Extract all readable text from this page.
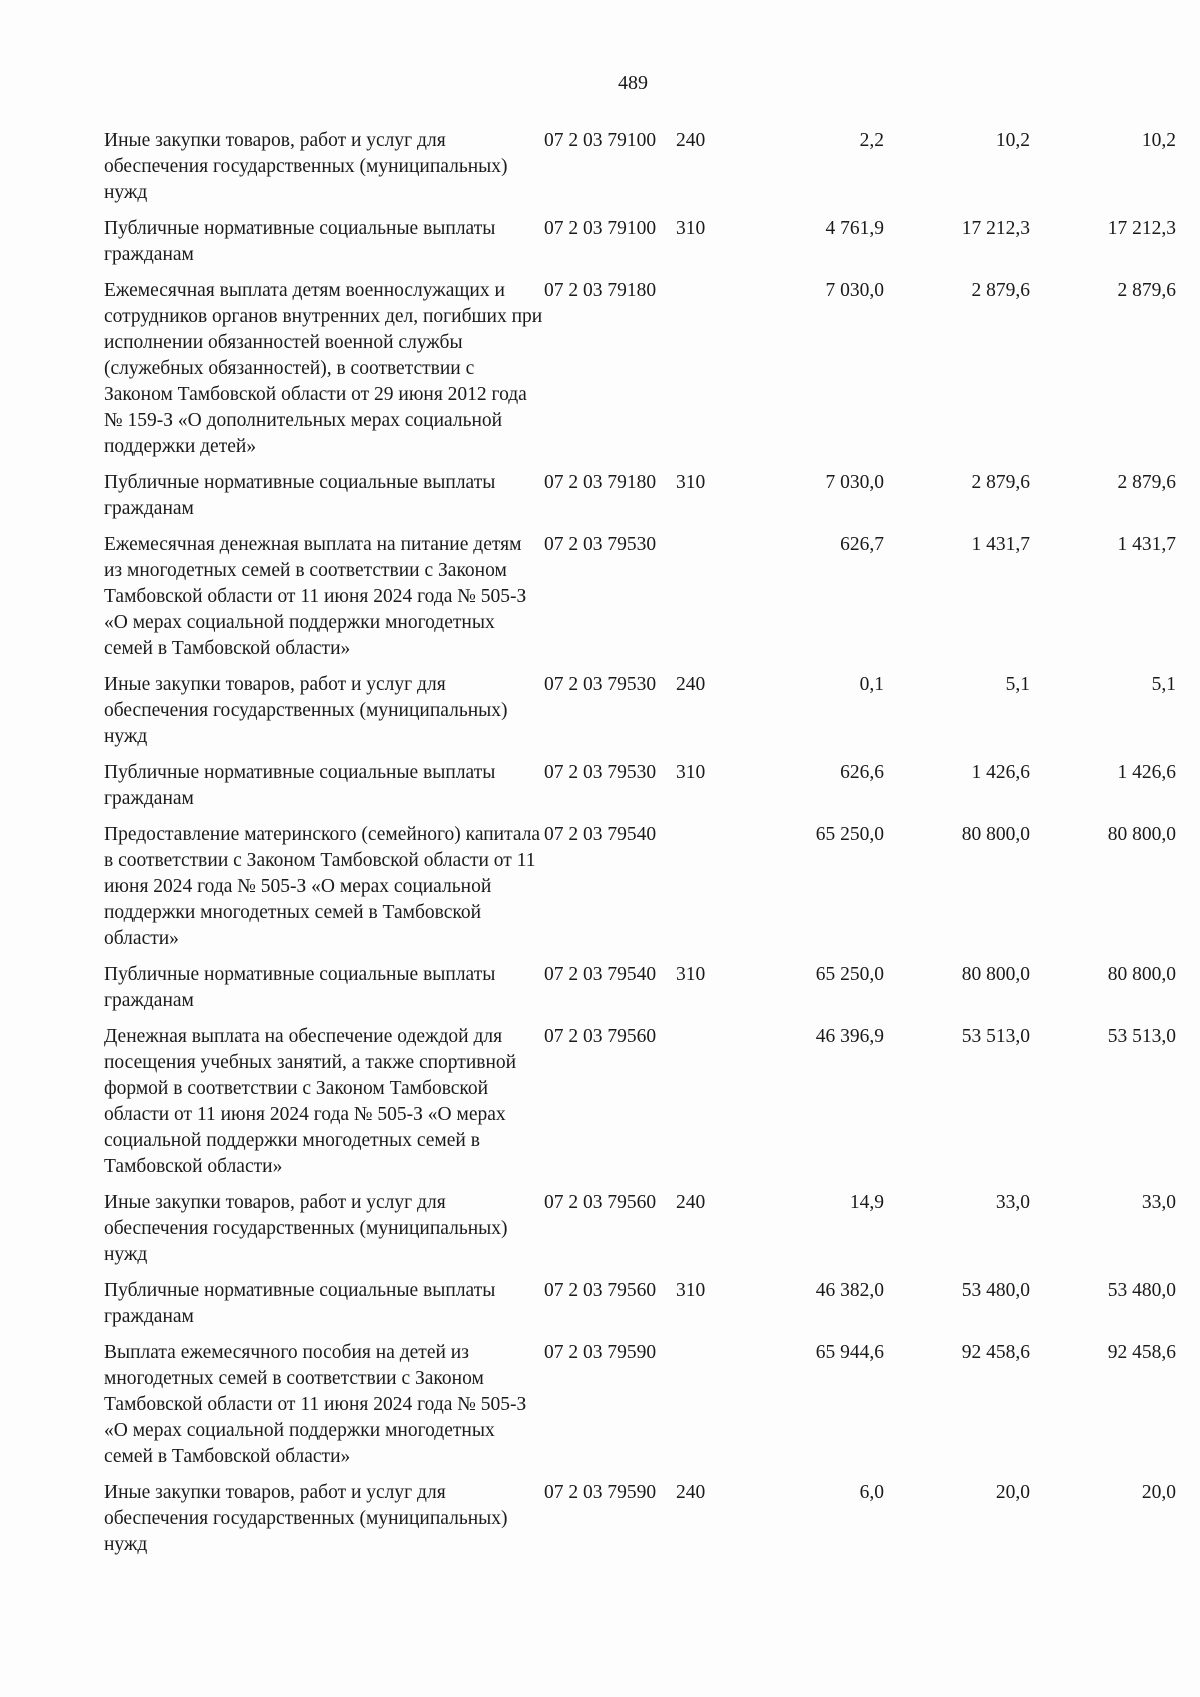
489
Иные закупки товаров, работ и услуг для обеспечения государственных (муниципальных) нужд	07 2 03 79100	240	2,2	10,2	10,2
Публичные нормативные социальные выплаты гражданам	07 2 03 79100	310	4 761,9	17 212,3	17 212,3
Ежемесячная выплата детям военнослужащих и сотрудников органов внутренних дел, погибших при исполнении обязанностей военной службы (служебных обязанностей), в соответствии с Законом Тамбовской области от 29 июня 2012 года № 159-З «О дополнительных мерах социальной поддержки детей»	07 2 03 79180		7 030,0	2 879,6	2 879,6
Публичные нормативные социальные выплаты гражданам	07 2 03 79180	310	7 030,0	2 879,6	2 879,6
Ежемесячная денежная выплата на питание детям из многодетных семей в соответствии с Законом Тамбовской области от 11 июня 2024 года № 505-З «О мерах социальной поддержки многодетных семей в Тамбовской области»	07 2 03 79530		626,7	1 431,7	1 431,7
Иные закупки товаров, работ и услуг для обеспечения государственных (муниципальных) нужд	07 2 03 79530	240	0,1	5,1	5,1
Публичные нормативные социальные выплаты гражданам	07 2 03 79530	310	626,6	1 426,6	1 426,6
Предоставление материнского (семейного) капитала в соответствии с Законом Тамбовской области от 11 июня 2024 года № 505-З «О мерах социальной поддержки многодетных семей в Тамбовской области»	07 2 03 79540		65 250,0	80 800,0	80 800,0
Публичные нормативные социальные выплаты гражданам	07 2 03 79540	310	65 250,0	80 800,0	80 800,0
Денежная выплата на обеспечение одеждой для посещения учебных занятий, а также спортивной формой в соответствии с Законом Тамбовской области от 11 июня 2024 года № 505-З «О мерах социальной поддержки многодетных семей в Тамбовской области»	07 2 03 79560		46 396,9	53 513,0	53 513,0
Иные закупки товаров, работ и услуг для обеспечения государственных (муниципальных) нужд	07 2 03 79560	240	14,9	33,0	33,0
Публичные нормативные социальные выплаты гражданам	07 2 03 79560	310	46 382,0	53 480,0	53 480,0
Выплата ежемесячного пособия на детей из многодетных семей в соответствии с Законом Тамбовской области от 11 июня 2024 года № 505-З «О мерах социальной поддержки многодетных семей в Тамбовской области»	07 2 03 79590		65 944,6	92 458,6	92 458,6
Иные закупки товаров, работ и услуг для обеспечения государственных (муниципальных) нужд	07 2 03 79590	240	6,0	20,0	20,0
